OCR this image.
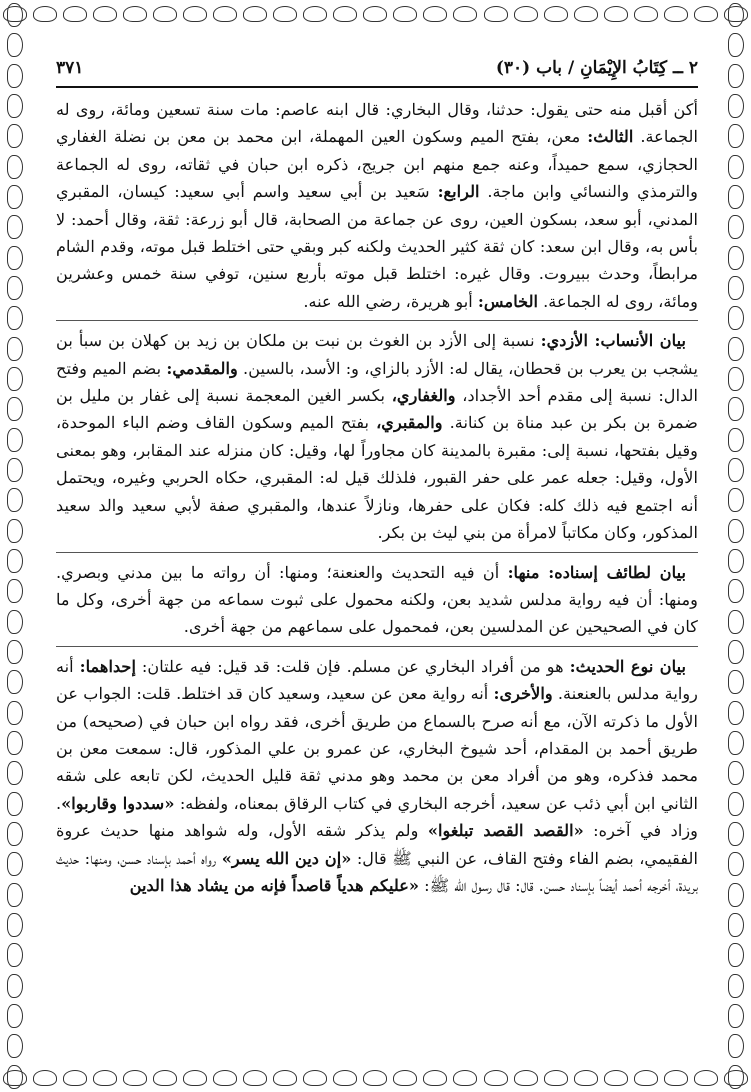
٢ ــ كِتَابُ الإِيْمَانِ / باب (٣٠)
٣٧١

أكن أقبل منه حتى يقول: حدثنا، وقال البخاري: قال ابنه عاصم: مات سنة تسعين ومائة، روى له الجماعة. الثالث: معن، بفتح الميم وسكون العين المهملة، ابن محمد بن معن بن نضلة الغفاري الحجازي، سمع حميداً، وعنه جمع منهم ابن جريج، ذكره ابن حبان في ثقاته، روى له الجماعة والترمذي والنسائي وابن ماجة. الرابع: سَعيد بن أبي سعيد واسم أبي سعيد: كيسان، المقبري المدني، أبو سعد، بسكون العين، روى عن جماعة من الصحابة، قال أبو زرعة: ثقة، وقال أحمد: لا بأس به، وقال ابن سعد: كان ثقة كثير الحديث ولكنه كبر وبقي حتى اختلط قبل موته، وقدم الشام مرابطاً، وحدث ببيروت. وقال غيره: اختلط قبل موته بأربع سنين، توفي سنة خمس وعشرين ومائة، روى له الجماعة. الخامس: أبو هريرة، رضي الله عنه.

بيان الأنساب: الأزدي: نسبة إلى الأزد بن الغوث بن نبت بن ملكان بن زيد بن كهلان بن سبأ بن يشجب بن يعرب بن قحطان، يقال له: الأزد بالزاي، و: الأسد، بالسين. والمقدمي: بضم الميم وفتح الدال: نسبة إلى مقدم أحد الأجداد، والغفاري، بكسر الغين المعجمة نسبة إلى غفار بن مليل بن ضمرة بن بكر بن عبد مناة بن كنانة. والمقبري، بفتح الميم وسكون القاف وضم الباء الموحدة، وقيل بفتحها، نسبة إلى: مقبرة بالمدينة كان مجاوراً لها، وقيل: كان منزله عند المقابر، وهو بمعنى الأول، وقيل: جعله عمر على حفر القبور، فلذلك قيل له: المقبري، حكاه الحربي وغيره، ويحتمل أنه اجتمع فيه ذلك كله: فكان على حفرها، ونازلاً عندها، والمقبري صفة لأبي سعيد والد سعيد المذكور، وكان مكاتباً لامرأة من بني ليث بن بكر.

بيان لطائف إسناده: منها: أن فيه التحديث والعنعنة؛ ومنها: أن رواته ما بين مدني وبصري. ومنها: أن فيه رواية مدلس شديد بعن، ولكنه محمول على ثبوت سماعه من جهة أخرى، وكل ما كان في الصحيحين عن المدلسين بعن، فمحمول على سماعهم من جهة أخرى.

بيان نوع الحديث: هو من أفراد البخاري عن مسلم. فإن قلت: قد قيل: فيه علتان: إحداهما: أنه رواية مدلس بالعنعنة. والأخرى: أنه رواية معن عن سعيد، وسعيد كان قد اختلط. قلت: الجواب عن الأول ما ذكرته الآن، مع أنه صرح بالسماع من طريق أخرى، فقد رواه ابن حبان في (صحيحه) من طريق أحمد بن المقدام، أحد شيوخ البخاري، عن عمرو بن علي المذكور، قال: سمعت معن بن محمد فذكره، وهو من أفراد معن بن محمد وهو مدني ثقة قليل الحديث، لكن تابعه على شقه الثاني ابن أبي ذئب عن سعيد، أخرجه البخاري في كتاب الرقاق بمعناه، ولفظه: «سددوا وقاربوا». وزاد في آخره: «القصد القصد تبلغوا» ولم يذكر شقه الأول، وله شواهد منها حديث عروة الفقيمي، بضم الفاء وفتح القاف، عن النبي ﷺ قال: «إن دين الله يسر» رواه أحمد بإسناد حسن، ومنها: حديث بريدة، أخرجه أحمد أيضاً بإسناد حسن. قال: قال رسول الله ﷺ: «عليكم هدياً قاصداً فإنه من يشاد هذا الدين
